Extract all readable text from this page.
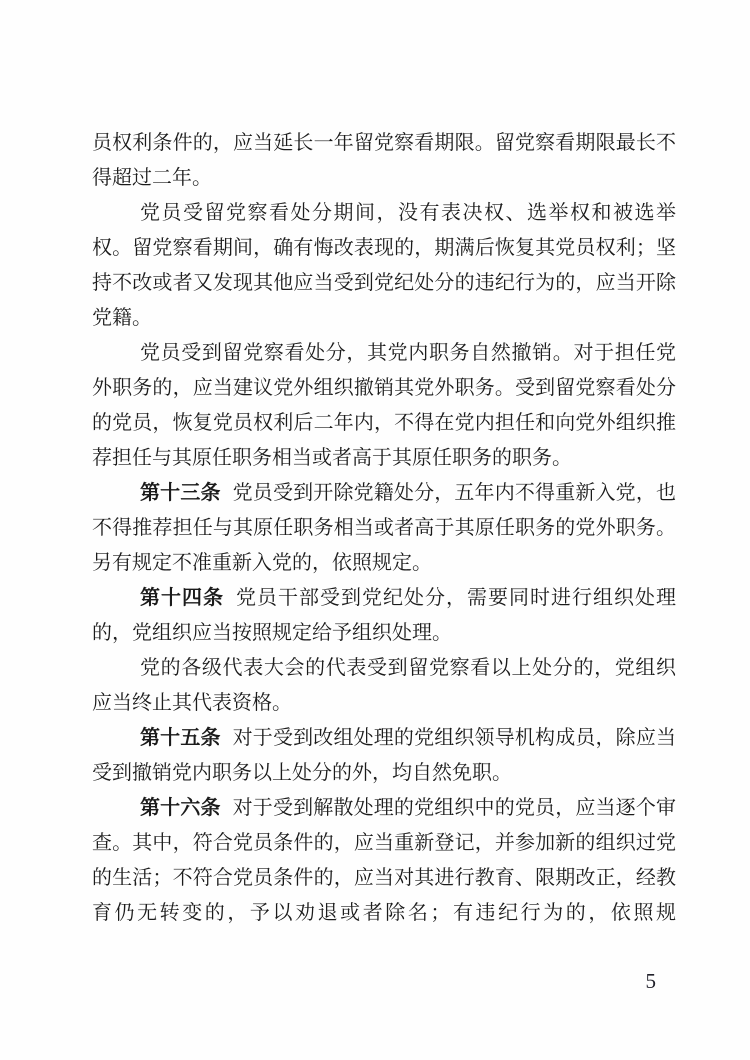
员权利条件的，应当延长一年留党察看期限。留党察看期限最长不得超过二年。

党员受留党察看处分期间，没有表决权、选举权和被选举权。留党察看期间，确有悔改表现的，期满后恢复其党员权利；坚持不改或者又发现其他应当受到党纪处分的违纪行为的，应当开除党籍。

党员受到留党察看处分，其党内职务自然撤销。对于担任党外职务的，应当建议党外组织撤销其党外职务。受到留党察看处分的党员，恢复党员权利后二年内，不得在党内担任和向党外组织推荐担任与其原任职务相当或者高于其原任职务的职务。

第十三条 党员受到开除党籍处分，五年内不得重新入党，也不得推荐担任与其原任职务相当或者高于其原任职务的党外职务。另有规定不准重新入党的，依照规定。

第十四条 党员干部受到党纪处分，需要同时进行组织处理的，党组织应当按照规定给予组织处理。

党的各级代表大会的代表受到留党察看以上处分的，党组织应当终止其代表资格。

第十五条 对于受到改组处理的党组织领导机构成员，除应当受到撤销党内职务以上处分的外，均自然免职。

第十六条 对于受到解散处理的党组织中的党员，应当逐个审查。其中，符合党员条件的，应当重新登记，并参加新的组织过党的生活；不符合党员条件的，应当对其进行教育、限期改正，经教育仍无转变的，予以劝退或者除名；有违纪行为的，依照规

5
